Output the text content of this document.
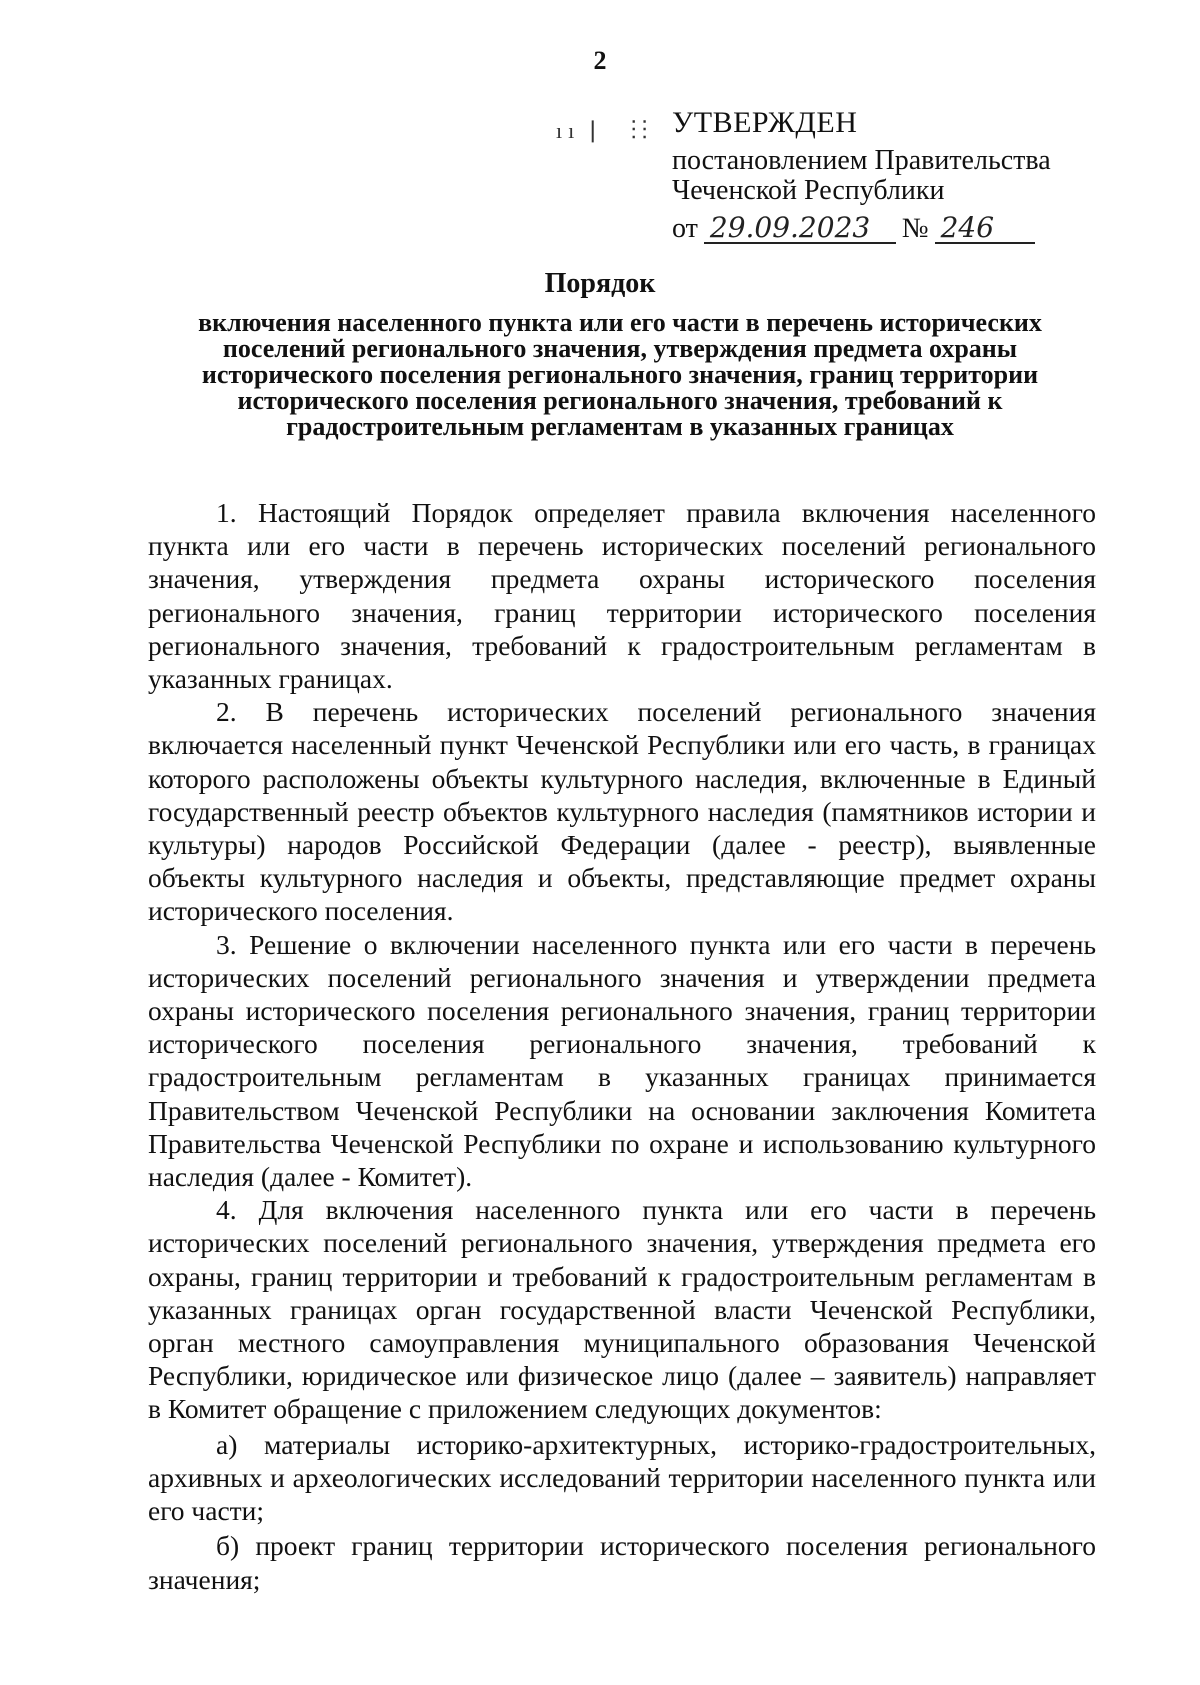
2
ıı ⎸ ⁝⁝ УТВЕРЖДЕН
постановлением Правительства
Чеченской Республики
от 29.09.2023	№ 246
Порядок
включения населенного пункта или его части в перечень исторических поселений регионального значения, утверждения предмета охраны исторического поселения регионального значения, границ территории исторического поселения регионального значения, требований к градостроительным регламентам в указанных границах

1. Настоящий Порядок определяет правила включения населенного пункта или его части в перечень исторических поселений регионального значения, утверждения предмета охраны исторического поселения регионального значения, границ территории исторического поселения регионального значения, требований к градостроительным регламентам в указанных границах.

2. В перечень исторических поселений регионального значения включается населенный пункт Чеченской Республики или его часть, в границах которого расположены объекты культурного наследия, включенные в Единый государственный реестр объектов культурного наследия (памятников истории и культуры) народов Российской Федерации (далее - реестр), выявленные объекты культурного наследия и объекты, представляющие предмет охраны исторического поселения.

3. Решение о включении населенного пункта или его части в перечень исторических поселений регионального значения и утверждении предмета охраны исторического поселения регионального значения, границ территории исторического поселения регионального значения, требований к градостроительным регламентам в указанных границах принимается Правительством Чеченской Республики на основании заключения Комитета Правительства Чеченской Республики по охране и использованию культурного наследия (далее - Комитет).

4. Для включения населенного пункта или его части в перечень исторических поселений регионального значения, утверждения предмета его охраны, границ территории и требований к градостроительным регламентам в указанных границах орган государственной власти Чеченской Республики, орган местного самоуправления муниципального образования Чеченской Республики, юридическое или физическое лицо (далее – заявитель) направляет в Комитет обращение с приложением следующих документов:

а) материалы историко-архитектурных, историко-градостроительных, архивных и археологических исследований территории населенного пункта или его части;

б) проект границ территории исторического поселения регионального значения;
